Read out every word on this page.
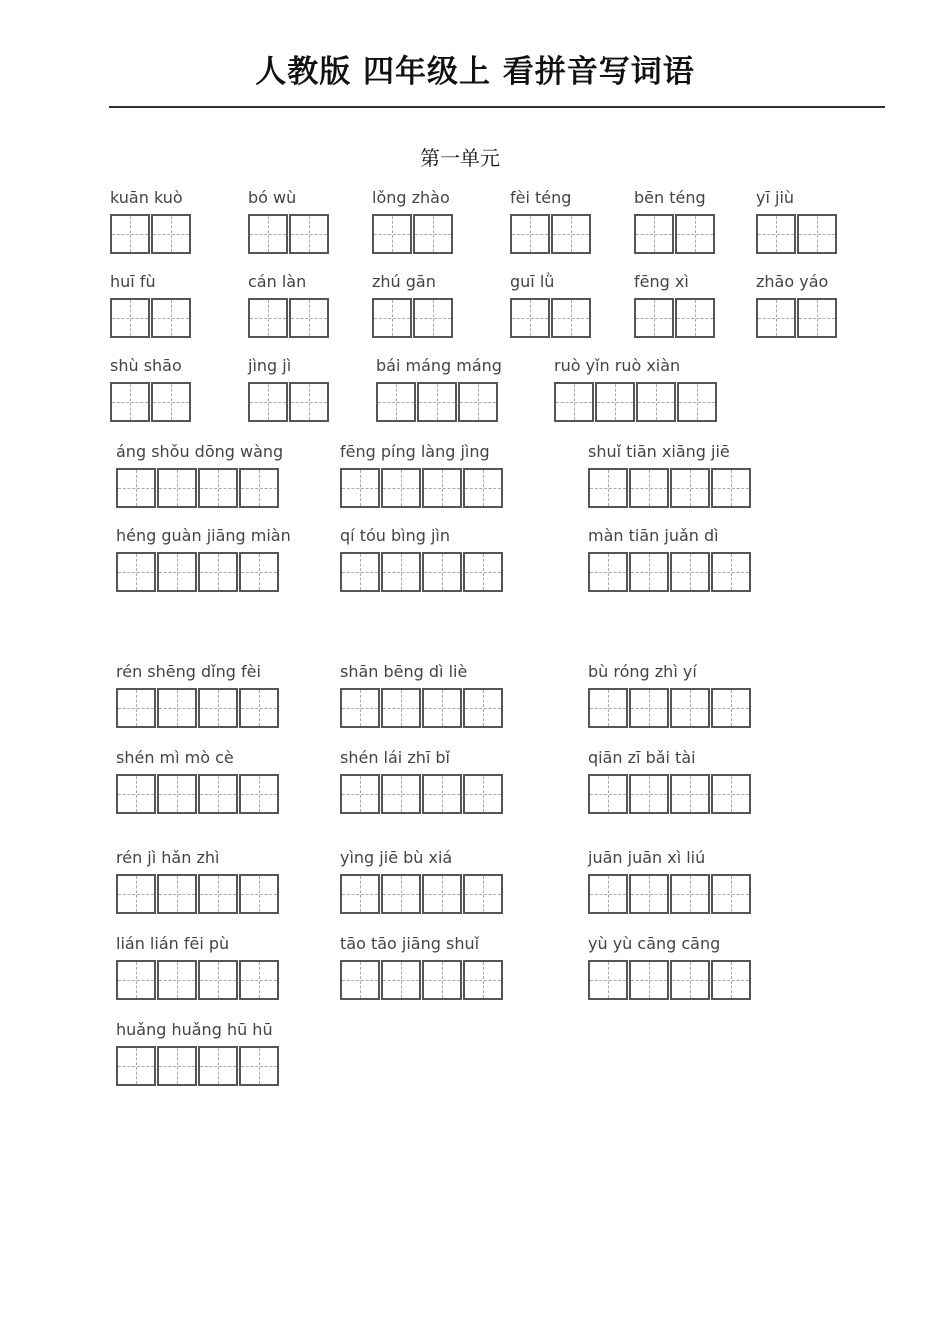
人教版 四年级上 看拼音写词语
第一单元
kuān kuò	bó wù	lǒng zhào	fèi téng	bēn téng	yī jiù
huī fù	cán làn	zhú gān	guī lǜ	fēng xì	zhāo yáo
shù shāo	jìng jì	bái máng máng	ruò yǐn ruò xiàn
áng shǒu dōng wàng	fēng píng làng jìng	shuǐ tiān xiāng jiē
héng guàn jiāng miàn	qí tóu bìng jìn	màn tiān juǎn dì
rén shēng dǐng fèi	shān bēng dì liè	bù róng zhì yí
shén mì mò cè	shén lái zhī bǐ	qiān zī bǎi tài
rén jì hǎn zhì	yìng jiē bù xiá	juān juān xì liú
lián lián fēi pù	tāo tāo jiāng shuǐ	yù yù cāng cāng
huǎng huǎng hū hū
